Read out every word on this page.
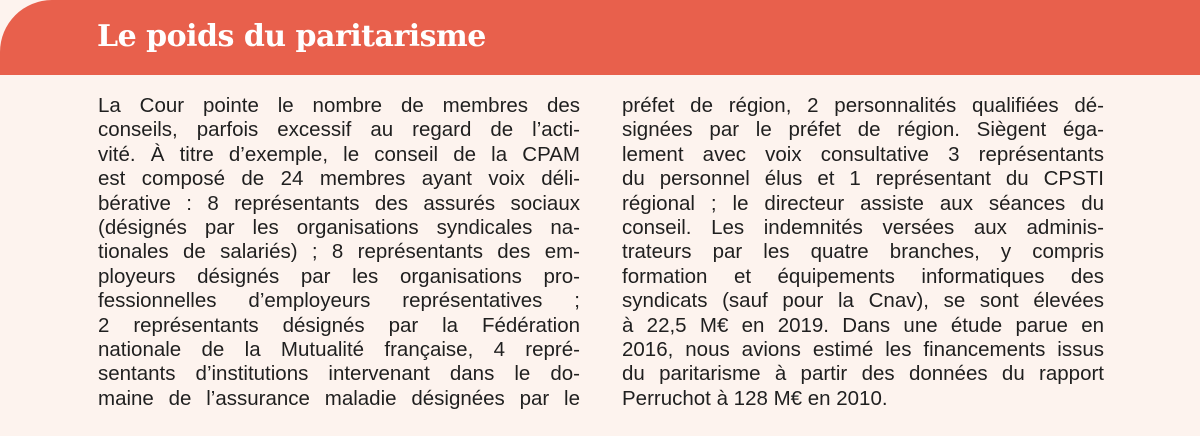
Le poids du paritarisme
La Cour pointe le nombre de membres des
conseils, parfois excessif au regard de l’acti-
vité. À titre d’exemple, le conseil de la CPAM
est composé de 24 membres ayant voix déli-
bérative : 8 représentants des assurés sociaux
(désignés par les organisations syndicales na-
tionales de salariés) ; 8 représentants des em-
ployeurs désignés par les organisations pro-
fessionnelles d’employeurs représentatives ;
2 représentants désignés par la Fédération
nationale de la Mutualité française, 4 repré-
sentants d’institutions intervenant dans le do-
maine de l’assurance maladie désignées par le
préfet de région, 2 personnalités qualifiées dé-
signées par le préfet de région. Siègent éga-
lement avec voix consultative 3 représentants
du personnel élus et 1 représentant du CPSTI
régional ; le directeur assiste aux séances du
conseil. Les indemnités versées aux adminis-
trateurs par les quatre branches, y compris
formation et équipements informatiques des
syndicats (sauf pour la Cnav), se sont élevées
à 22,5 M€ en 2019. Dans une étude parue en
2016, nous avions estimé les financements issus
du paritarisme à partir des données du rapport
Perruchot à 128 M€ en 2010.
